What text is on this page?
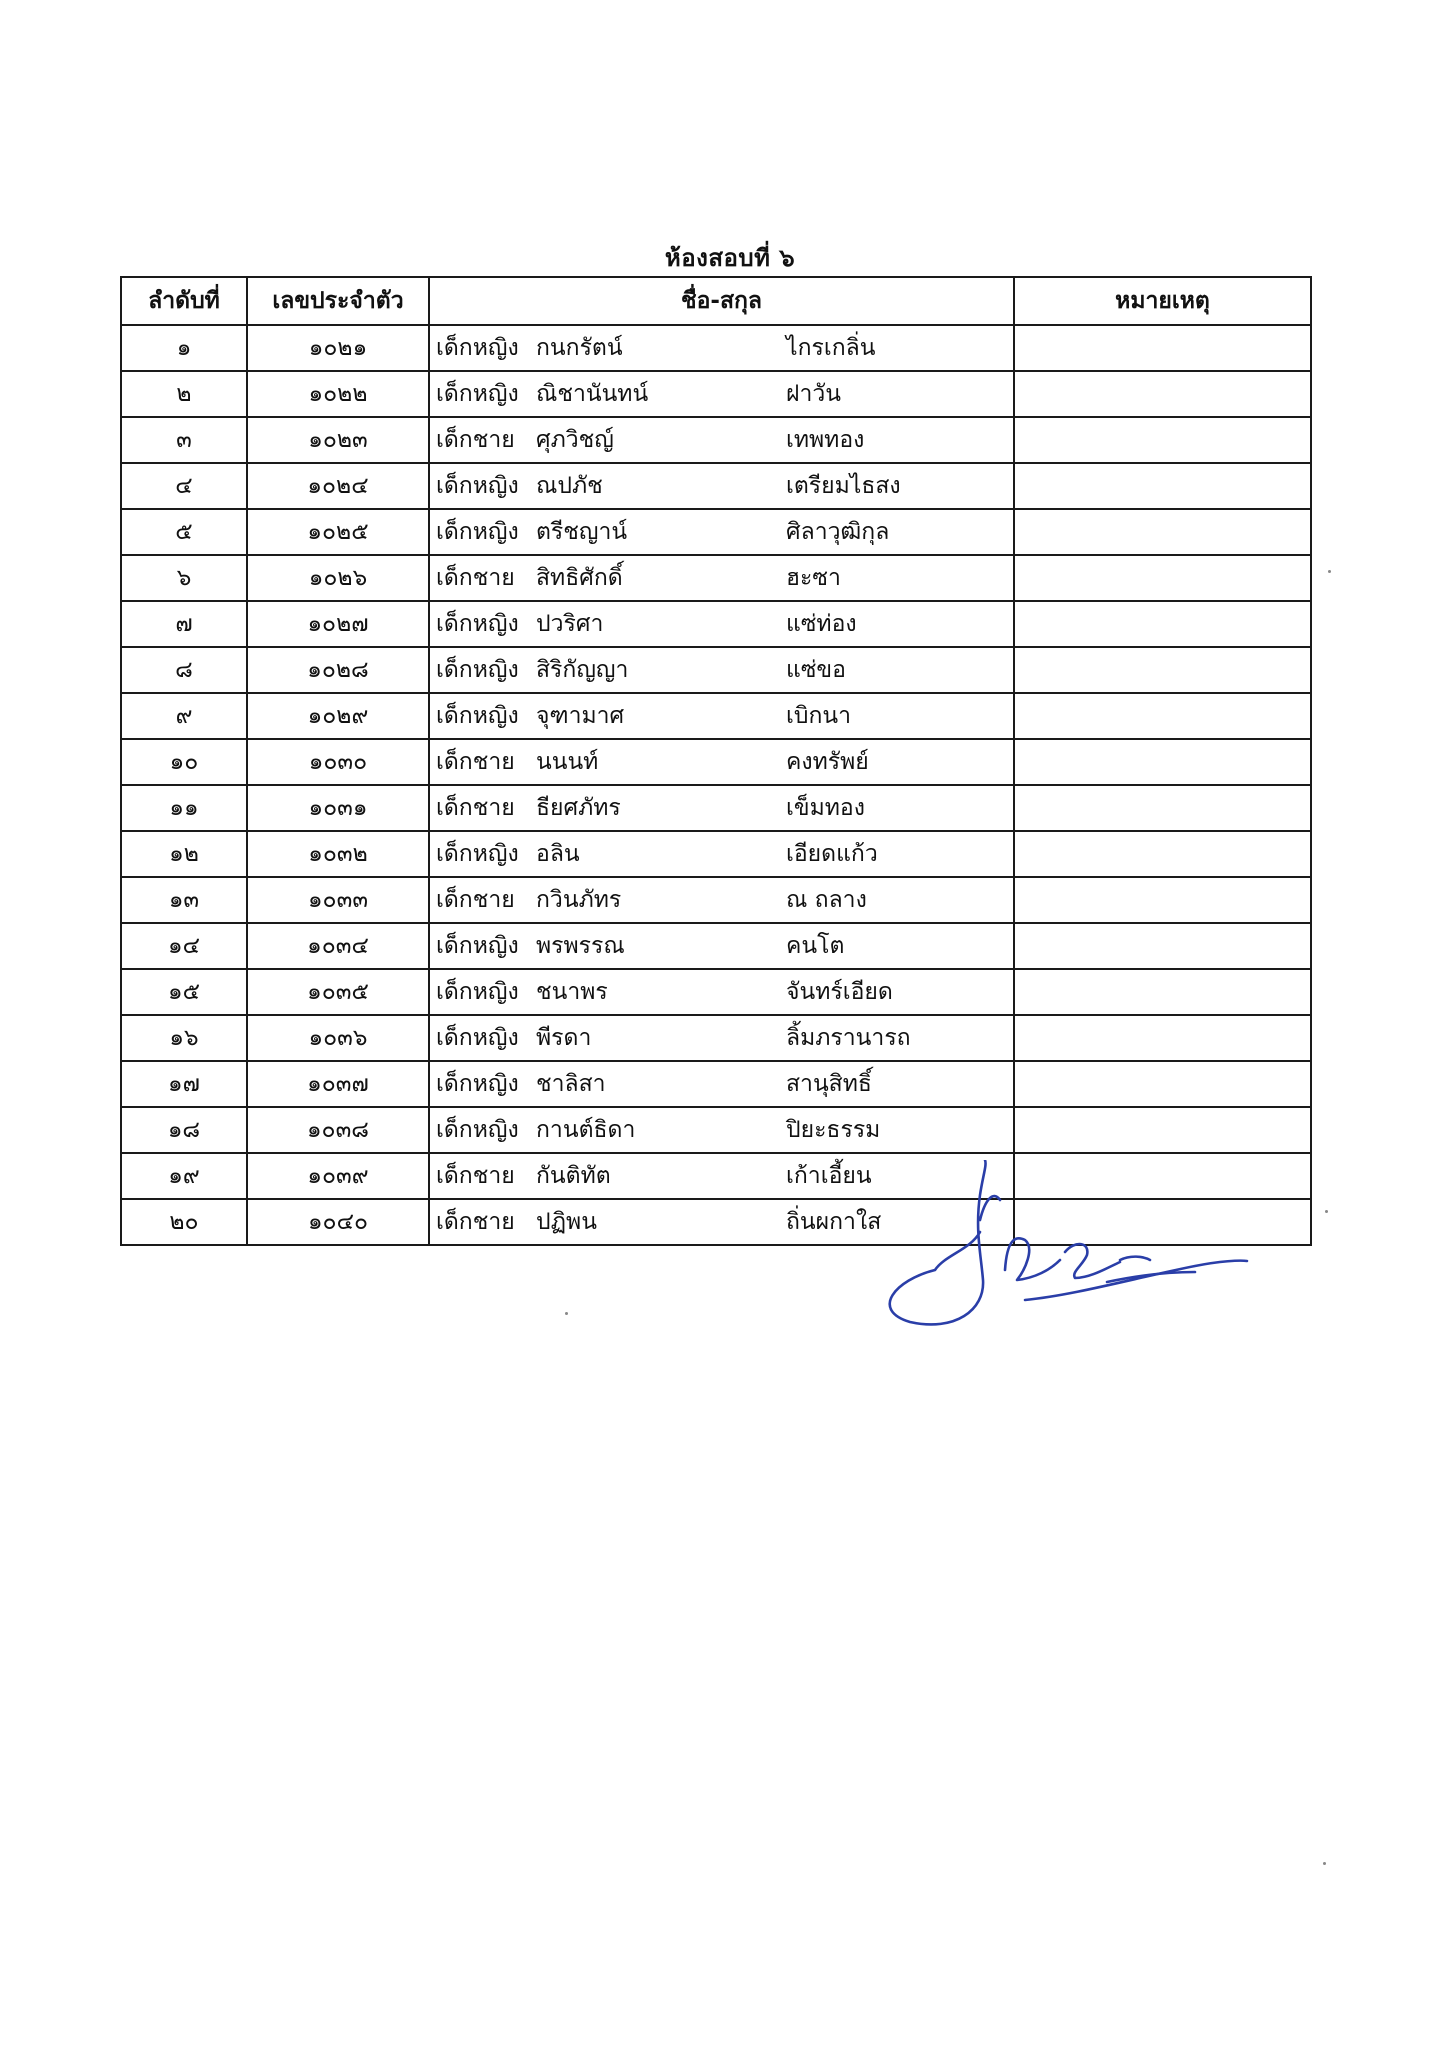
ห้องสอบที่ ๖
ลำดับที่	เลขประจำตัว	ชื่อ-สกุล	หมายเหตุ
๑	๑๐๒๑	เด็กหญิง กนกรัตน์ ไกรเกลิ่น	
๒	๑๐๒๒	เด็กหญิง ณิชานันทน์ ฝาวัน	
๓	๑๐๒๓	เด็กชาย ศุภวิชญ์ เทพทอง	
๔	๑๐๒๔	เด็กหญิง ณปภัช เตรียมไธสง	
๕	๑๐๒๕	เด็กหญิง ตรีชญาน์ ศิลาวุฒิกุล	
๖	๑๐๒๖	เด็กชาย สิทธิศักดิ์ ฮะซา	
๗	๑๐๒๗	เด็กหญิง ปวริศา แซ่ท่อง	
๘	๑๐๒๘	เด็กหญิง สิริกัญญา แซ่ขอ	
๙	๑๐๒๙	เด็กหญิง จุฑามาศ เบิกนา	
๑๐	๑๐๓๐	เด็กชาย นนนท์ คงทรัพย์	
๑๑	๑๐๓๑	เด็กชาย ธียศภัทร เข็มทอง	
๑๒	๑๐๓๒	เด็กหญิง อลิน เอียดแก้ว	
๑๓	๑๐๓๓	เด็กชาย กวินภัทร ณ ถลาง	
๑๔	๑๐๓๔	เด็กหญิง พรพรรณ คนโต	
๑๕	๑๐๓๕	เด็กหญิง ชนาพร จันทร์เอียด	
๑๖	๑๐๓๖	เด็กหญิง พีรดา ลิ้มภรานารถ	
๑๗	๑๐๓๗	เด็กหญิง ชาลิสา สานุสิทธิ์	
๑๘	๑๐๓๘	เด็กหญิง กานต์ธิดา ปิยะธรรม	
๑๙	๑๐๓๙	เด็กชาย กันติทัต เก้าเอี้ยน	
๒๐	๑๐๔๐	เด็กชาย ปฏิพน ถิ่นผกาใส	
